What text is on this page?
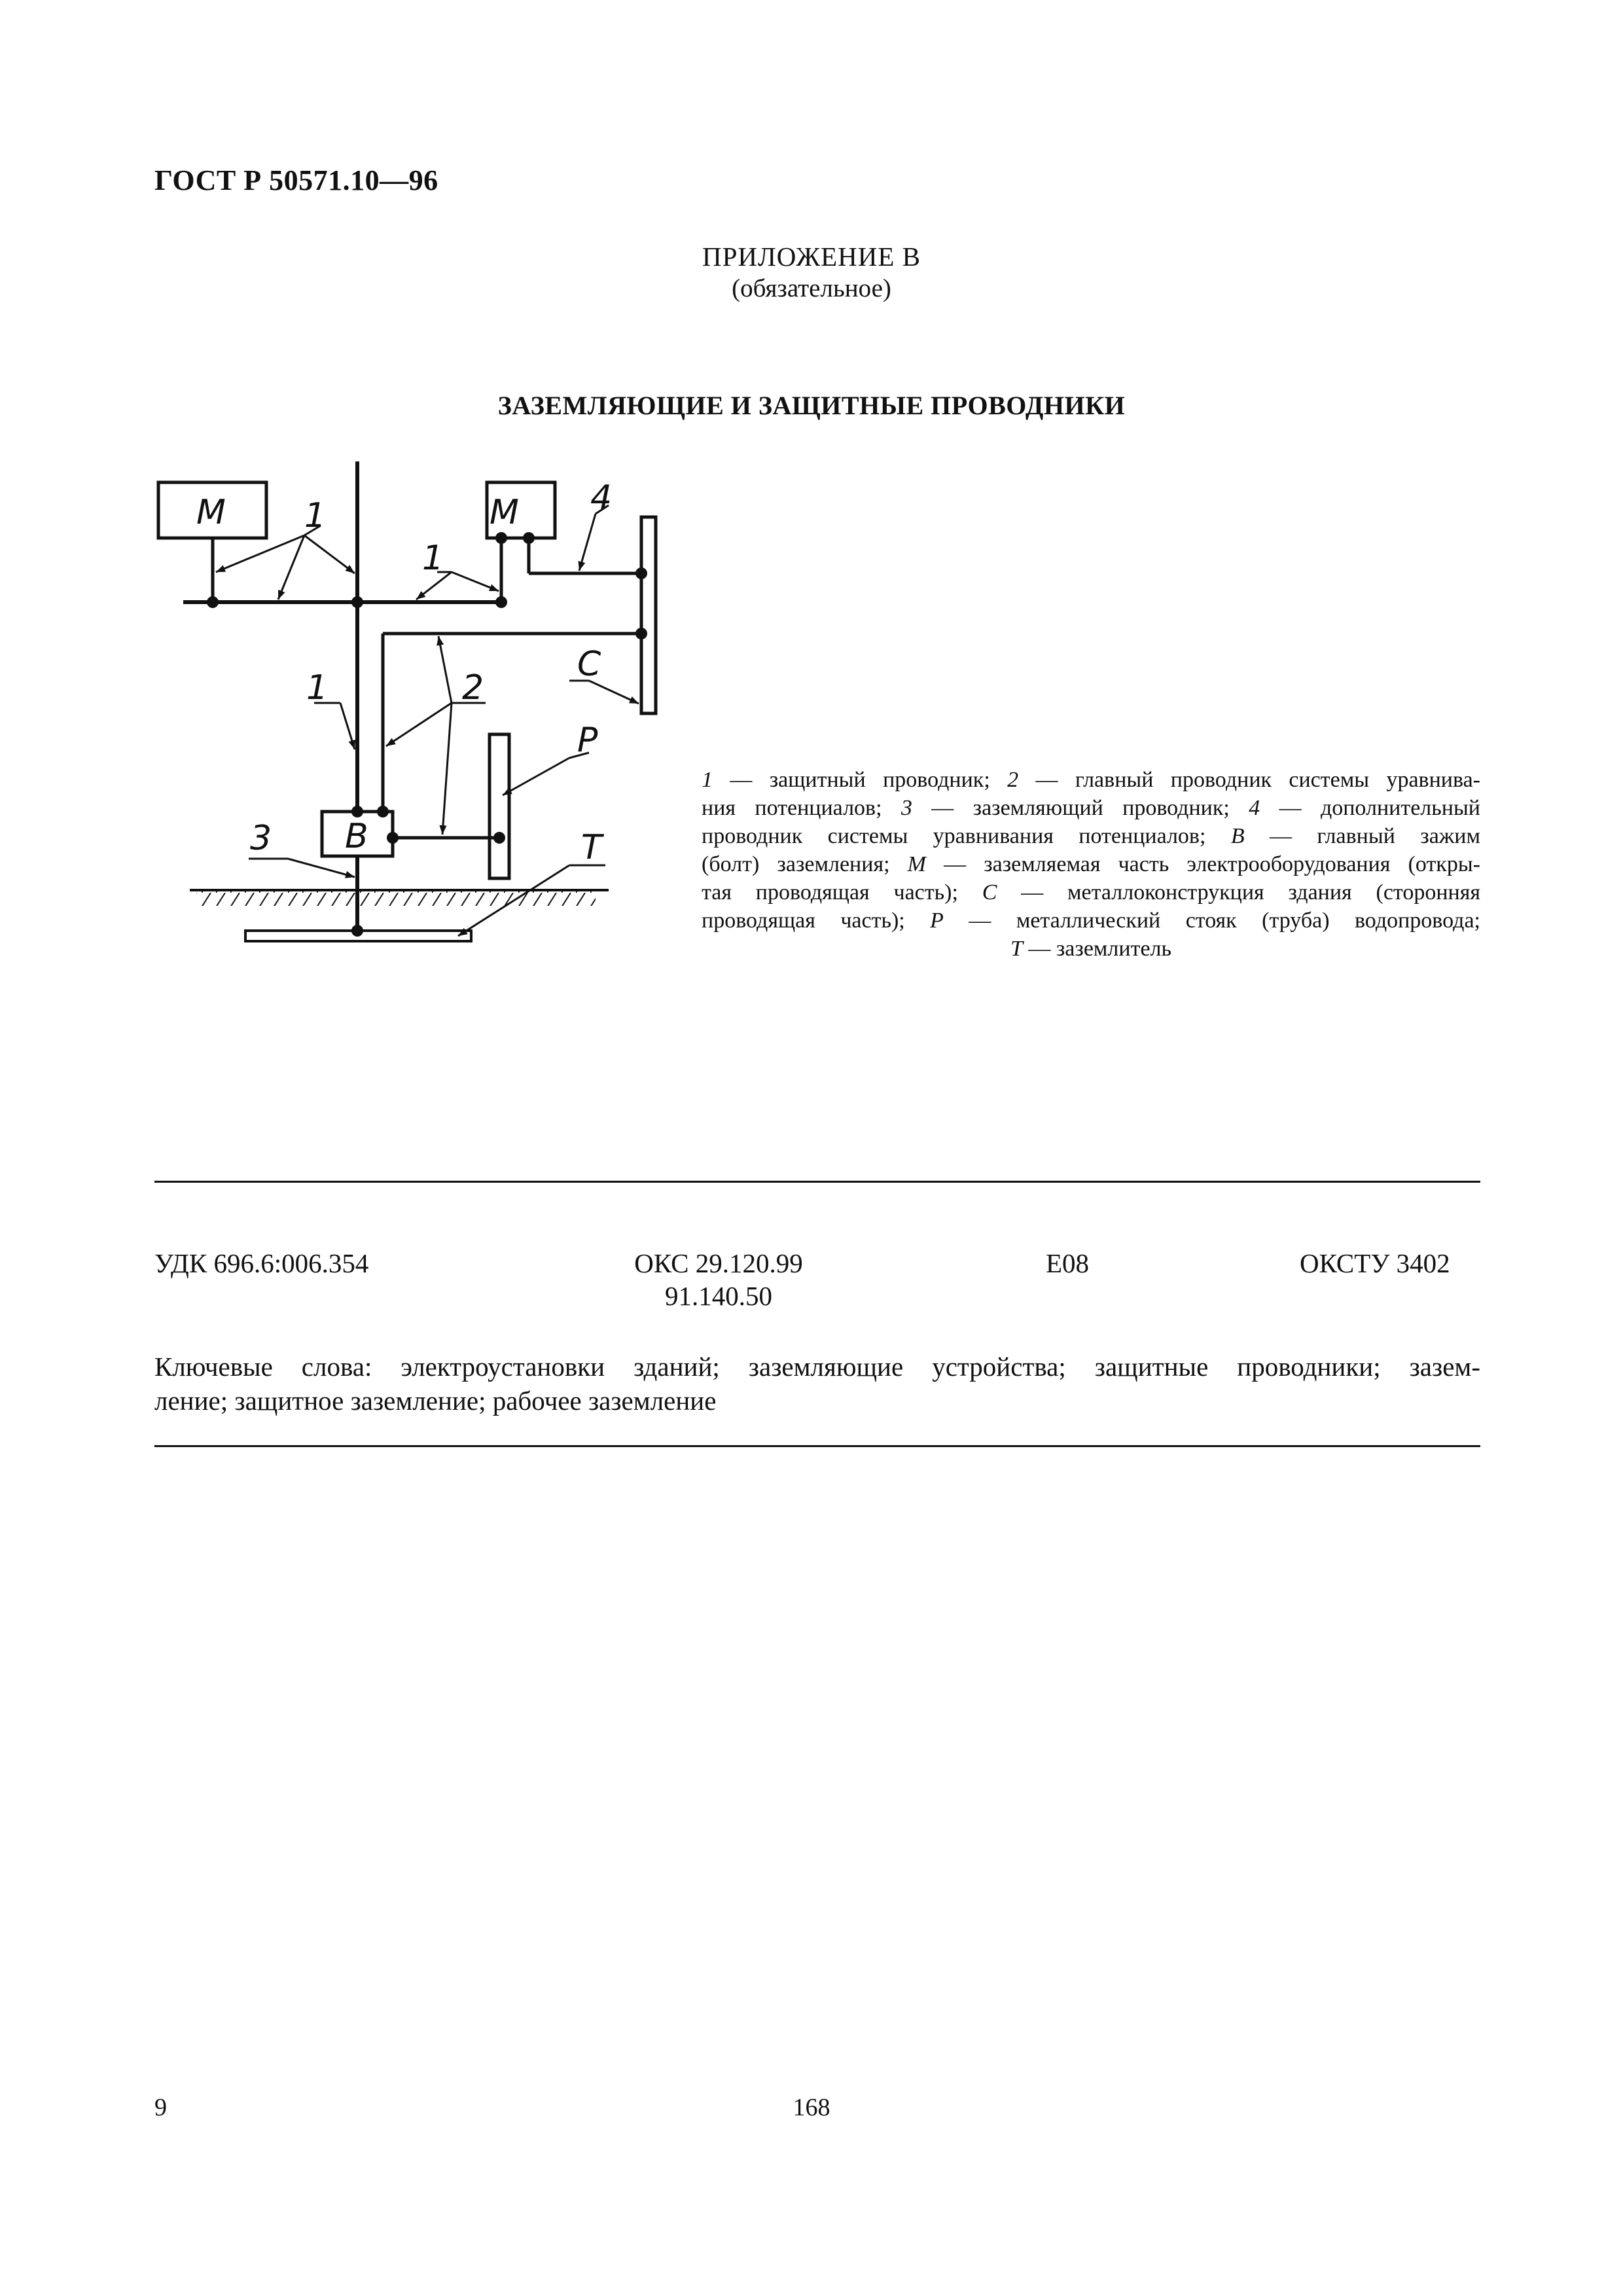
ГОСТ Р 50571.10—96
ПРИЛОЖЕНИЕ В
(обязательное)
ЗАЗЕМЛЯЮЩИЕ И ЗАЩИТНЫЕ ПРОВОДНИКИ
M	M
1
1
1	2
3
4
B
C
P
T
1 — защитный проводник; 2 — главный проводник системы уравнива-
ния потенциалов; 3 — заземляющий проводник; 4 — дополнительный
проводник системы уравнивания потенциалов; В — главный зажим
(болт) заземления; М — заземляемая часть электрооборудования (откры-
тая проводящая часть); С — металлоконструкция здания (сторонняя
проводящая часть); Р — металлический стояк (труба) водопровода;
Т — заземлитель
УДК 696.6:006.354	ОКС 29.120.99
91.140.50
Е08	ОКСТУ 3402
Ключевые слова: электроустановки зданий; заземляющие устройства; защитные проводники; зазем-
ление; защитное заземление; рабочее заземление
9	168
